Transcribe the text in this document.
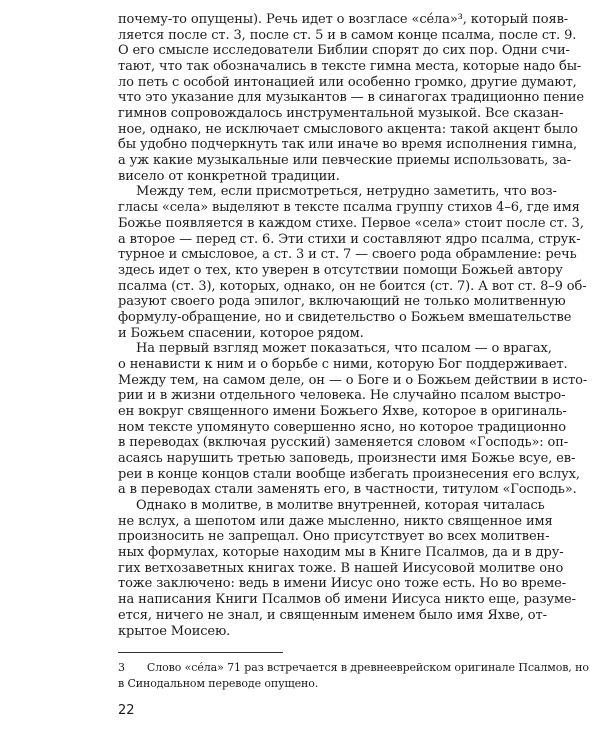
почему-то опущены). Речь идет о возгласе «се́ла»³, который появ-
ляется после ст. 3, после ст. 5 и в самом конце псалма, после ст. 9.
О его смысле исследователи Библии спорят до сих пор. Одни счи-
тают, что так обозначались в тексте гимна места, которые надо бы-
ло петь с особой интонацией или особенно громко, другие думают,
что это указание для музыкантов — в синагогах традиционно пение
гимнов сопровождалось инструментальной музыкой. Все сказан-
ное, однако, не исключает смыслового акцента: такой акцент было
бы удобно подчеркнуть так или иначе во время исполнения гимна,
а уж какие музыкальные или певческие приемы использовать, за-
висело от конкретной традиции.
Между тем, если присмотреться, нетрудно заметить, что воз-
гласы «села» выделяют в тексте псалма группу стихов 4–6, где имя
Божье появляется в каждом стихе. Первое «села» стоит после ст. 3,
а второе — перед ст. 6. Эти стихи и составляют ядро псалма, струк-
турное и смысловое, а ст. 3 и ст. 7 — своего рода обрамление: речь
здесь идет о тех, кто уверен в отсутствии помощи Божьей автору
псалма (ст. 3), которых, однако, он не боится (ст. 7). А вот ст. 8–9 об-
разуют своего рода эпилог, включающий не только молитвенную
формулу-обращение, но и свидетельство о Божьем вмешательстве
и Божьем спасении, которое рядом.
На первый взгляд может показаться, что псалом — о врагах,
о ненависти к ним и о борьбе с ними, которую Бог поддерживает.
Между тем, на самом деле, он — о Боге и о Божьем действии в исто-
рии и в жизни отдельного человека. Не случайно псалом выстро-
ен вокруг священного имени Божьего Яхве, которое в оригиналь-
ном тексте упомянуто совершенно ясно, но которое традиционно
в переводах (включая русский) заменяется словом «Господь»: оп-
асаясь нарушить третью заповедь, произнести имя Божье всуе, ев-
реи в конце концов стали вообще избегать произнесения его вслух,
а в переводах стали заменять его, в частности, титулом «Господь».
Однако в молитве, в молитве внутренней, которая читалась
не вслух, а шепотом или даже мысленно, никто священное имя
произносить не запрещал. Оно присутствует во всех молитвен-
ных формулах, которые находим мы в Книге Псалмов, да и в дру-
гих ветхозаветных книгах тоже. В нашей Иисусовой молитве оно
тоже заключено: ведь в имени Иисус оно тоже есть. Но во време-
на написания Книги Псалмов об имени Иисуса никто еще, разуме-
ется, ничего не знал, и священным именем было имя Яхве, от-
крытое Моисею.
3 Слово «се́ла» 71 раз встречается в древнееврейском оригинале Псалмов, но
в Синодальном переводе опущено.
22
